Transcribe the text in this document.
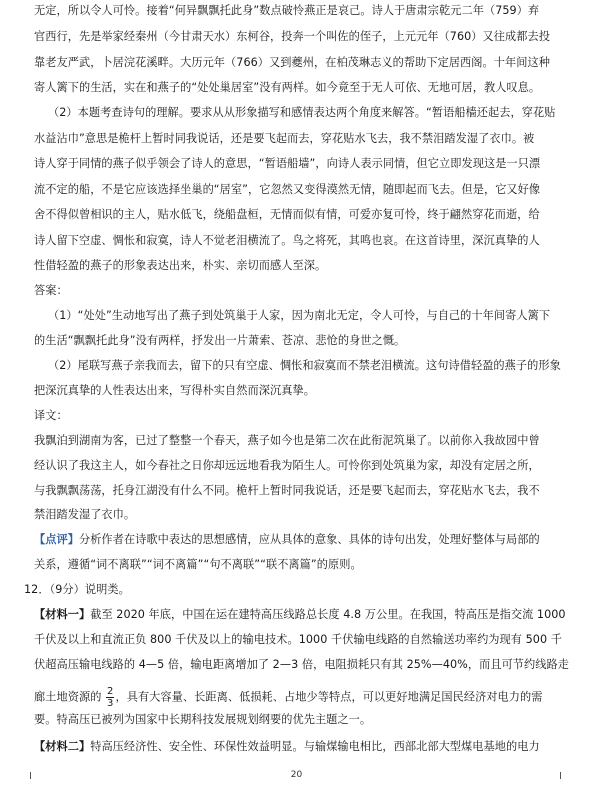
无定，所以令人可怜。接着“何异飘飘托此身”数点破怜燕正是哀己。诗人于唐肃宗乾元二年（759）弃
官西行，先是举家经秦州（今甘肃天水）东柯谷，投奔一个叫佐的侄子，上元元年（760）又往成都去投
靠老友严武，卜居浣花溪畔。大历元年（766）又到夔州，在柏茂琳志义的帮助下定居西阁。十年间这种
寄人篱下的生活，实在和燕子的“处处巢居室”没有两样。如今竟至于无人可依、无地可居，教人叹息。
（2）本题考查诗句的理解。要求从从形象描写和感情表达两个角度来解答。“暂语船樯还起去，穿花贴
水益沾巾”意思是桅杆上暂时同我说话，还是要飞起而去，穿花贴水飞去，我不禁泪踏发湿了衣巾。被
诗人穿于同情的燕子似乎领会了诗人的意思，“暂语船墙”，向诗人表示同情，但它立即发现这是一只漂
流不定的船，不是它应该选择坐巢的“居室”，它忽然又变得漠然无情，随即起而飞去。但是，它又好像
舍不得似曾相识的主人，贴水低飞，绕船盘桓，无情而似有情，可爱亦复可怜，终于翩然穿花而逝，给
诗人留下空虚、惆怅和寂寞，诗人不觉老泪横流了。鸟之将死，其鸣也哀。在这首诗里，深沉真挚的人
性借轻盈的燕子的形象表达出来，朴实、亲切而感人至深。
答案：
（1）“处处”生动地写出了燕子到处筑巢于人家，因为南北无定，令人可怜，与自己的十年间寄人篱下
的生活“飘飘托此身”没有两样，抒发出一片萧索、苍凉、悲怆的身世之慨。
（2）尾联写燕子亲我而去，留下的只有空虚、惆怅和寂寞而不禁老泪横流。这句诗借轻盈的燕子的形象
把深沉真挚的人性表达出来，写得朴实自然而深沉真挚。
译文：
我飘泊到湖南为客，已过了整整一个春天，燕子如今也是第二次在此衔泥筑巢了。以前你入我故园中曾
经认识了我这主人，如今春社之日你却远远地看我为陌生人。可怜你到处筑巢为家，却没有定居之所，
与我飘飘荡荡，托身江湖没有什么不同。桅杆上暂时同我说话，还是要飞起而去，穿花贴水飞去，我不
禁泪踏发湿了衣巾。
【点评】分析作者在诗歌中表达的思想感情，应从具体的意象、具体的诗句出发，处理好整体与局部的
关系，遵循“词不离联”“词不离篇”“句不离联”“联不离篇”的原则。
12．（9分）说明类。
【材料一】截至 2020 年底，中国在运在建特高压线路总长度 4.8 万公里。在我国，特高压是指交流 1000
千伏及以上和直流正负 800 千伏及以上的输电技术。1000 千伏输电线路的自然输送功率约为现有 500 千
伏超高压输电线路的 4—5 倍，输电距离增加了 2—3 倍，电阻损耗只有其 25%—40%，而且可节约线路走
廊土地资源的 $\frac{2}{3}$ ，具有大容量、长距离、低损耗、占地少等特点，可以更好地满足国民经济对电力的需
要。特高压已被列为国家中长期科技发展规划纲要的优先主题之一。
【材料二】特高压经济性、安全性、环保性效益明显。与输煤输电相比，西部北部大型煤电基地的电力
20
